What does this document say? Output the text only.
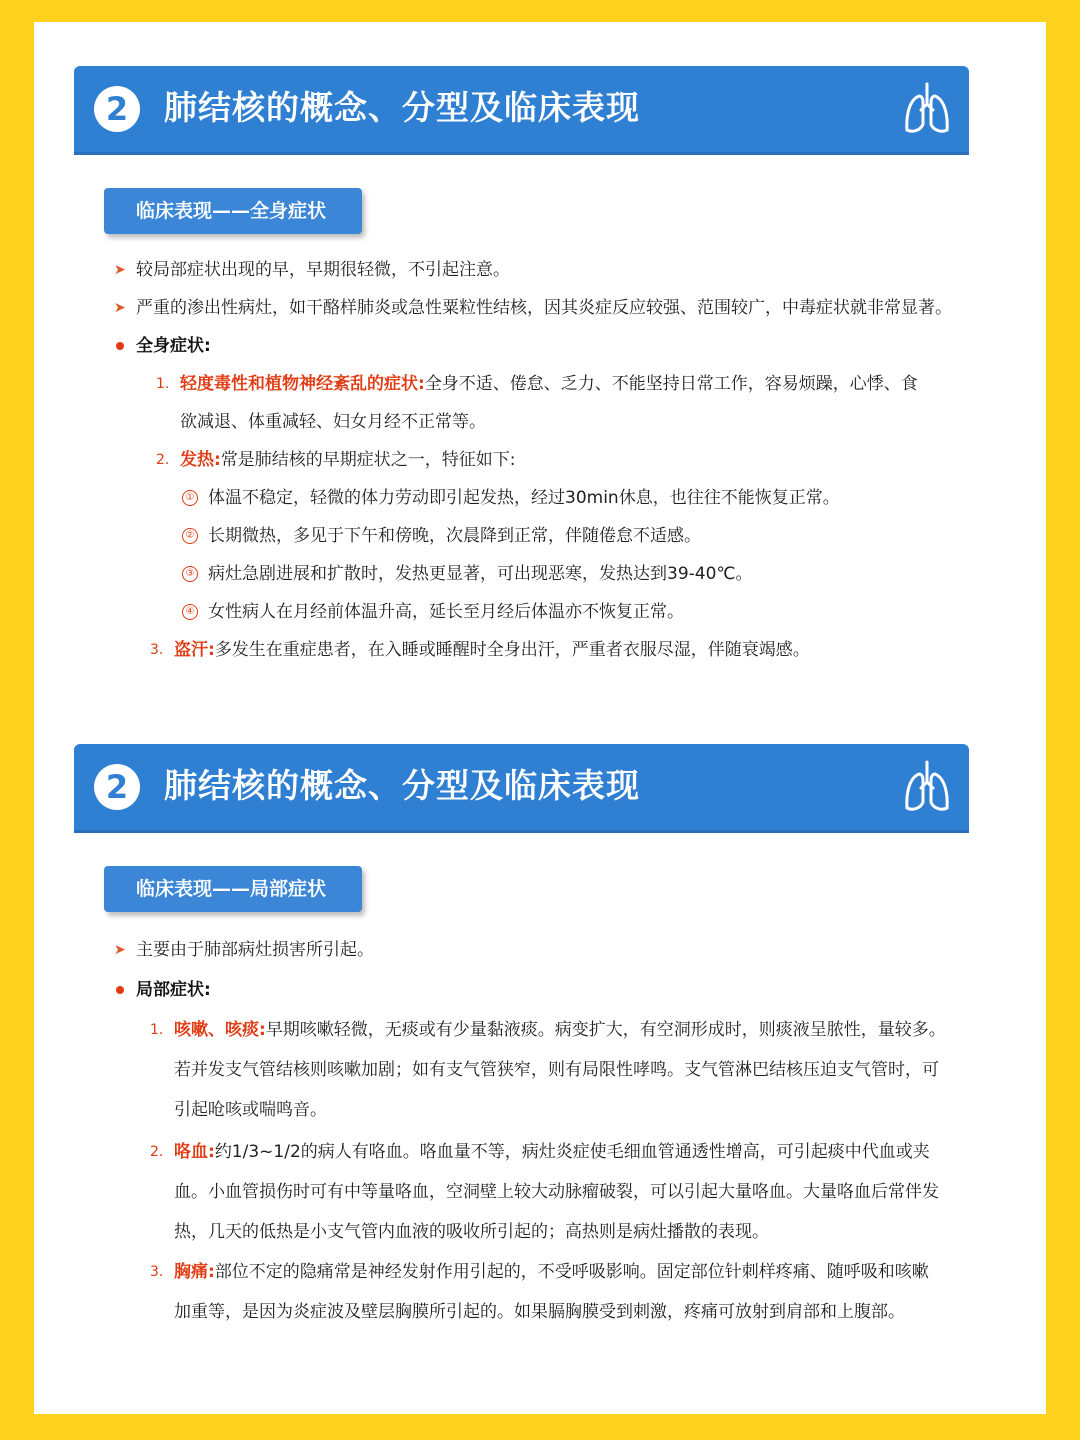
2	肺结核的概念、分型及临床表现
临床表现——全身症状
➤ 较局部症状出现的早，早期很轻微，不引起注意。
➤ 严重的渗出性病灶，如干酪样肺炎或急性粟粒性结核，因其炎症反应较强、范围较广，中毒症状就非常显著。
全身症状:
1. 轻度毒性和植物神经紊乱的症状:全身不适、倦怠、乏力、不能坚持日常工作，容易烦躁，心悸、食
欲减退、体重减轻、妇女月经不正常等。
2. 发热:常是肺结核的早期症状之一，特征如下:
① 体温不稳定，轻微的体力劳动即引起发热，经过30min休息，也往往不能恢复正常。
② 长期微热，多见于下午和傍晚，次晨降到正常，伴随倦怠不适感。
③ 病灶急剧进展和扩散时，发热更显著，可出现恶寒，发热达到39-40℃。
④ 女性病人在月经前体温升高，延长至月经后体温亦不恢复正常。
3. 盗汗:多发生在重症患者，在入睡或睡醒时全身出汗，严重者衣服尽湿，伴随衰竭感。
2	肺结核的概念、分型及临床表现
临床表现——局部症状
➤ 主要由于肺部病灶损害所引起。
局部症状:
1. 咳嗽、咳痰:早期咳嗽轻微，无痰或有少量黏液痰。病变扩大，有空洞形成时，则痰液呈脓性，量较多。
若并发支气管结核则咳嗽加剧；如有支气管狭窄，则有局限性哮鸣。支气管淋巴结核压迫支气管时，可
引起呛咳或喘鸣音。
2. 咯血:约1/3~1/2的病人有咯血。咯血量不等，病灶炎症使毛细血管通透性增高，可引起痰中代血或夹
血。小血管损伤时可有中等量咯血，空洞壁上较大动脉瘤破裂，可以引起大量咯血。大量咯血后常伴发
热，几天的低热是小支气管内血液的吸收所引起的；高热则是病灶播散的表现。
3. 胸痛:部位不定的隐痛常是神经发射作用引起的，不受呼吸影响。固定部位针刺样疼痛、随呼吸和咳嗽
加重等，是因为炎症波及壁层胸膜所引起的。如果膈胸膜受到刺激，疼痛可放射到肩部和上腹部。
